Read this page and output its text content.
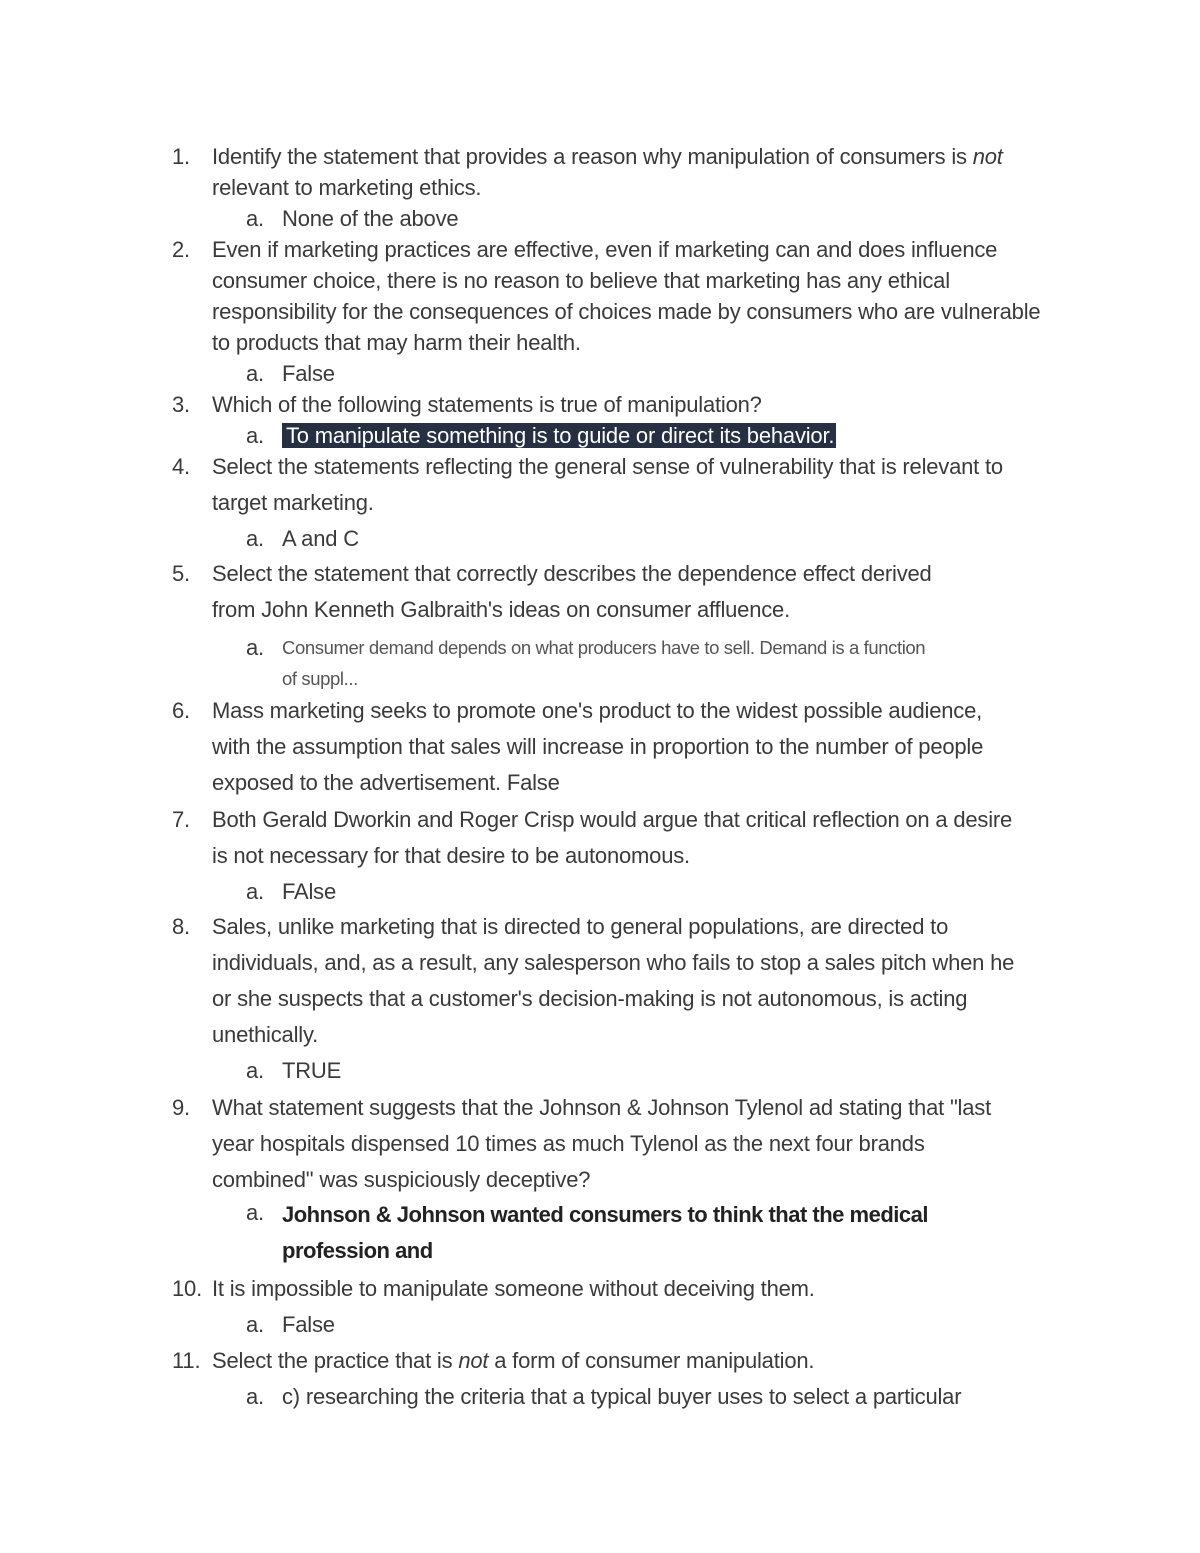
1.	Identify the statement that provides a reason why manipulation of consumers is not relevant to marketing ethics.
a. None of the above
2.	Even if marketing practices are effective, even if marketing can and does influence consumer choice, there is no reason to believe that marketing has any ethical responsibility for the consequences of choices made by consumers who are vulnerable to products that may harm their health.
a. False
3.	Which of the following statements is true of manipulation?
a.	To manipulate something is to guide or direct its behavior.
4.	Select the statements reflecting the general sense of vulnerability that is relevant to target marketing.
a. A and C
5.	Select the statement that correctly describes the dependence effect derived from John Kenneth Galbraith's ideas on consumer affluence.
a. Consumer demand depends on what producers have to sell. Demand is a function of suppl...
6.	Mass marketing seeks to promote one's product to the widest possible audience, with the assumption that sales will increase in proportion to the number of people exposed to the advertisement. False
7.	Both Gerald Dworkin and Roger Crisp would argue that critical reflection on a desire is not necessary for that desire to be autonomous.
a. FAlse
8.	Sales, unlike marketing that is directed to general populations, are directed to individuals, and, as a result, any salesperson who fails to stop a sales pitch when he or she suspects that a customer's decision-making is not autonomous, is acting unethically.
a. TRUE
9.	What statement suggests that the Johnson & Johnson Tylenol ad stating that "last year hospitals dispensed 10 times as much Tylenol as the next four brands combined" was suspiciously deceptive?
a. Johnson & Johnson wanted consumers to think that the medical profession and
10. It is impossible to manipulate someone without deceiving them.
a. False
11. Select the practice that is not a form of consumer manipulation.
a. c) researching the criteria that a typical buyer uses to select a particular
